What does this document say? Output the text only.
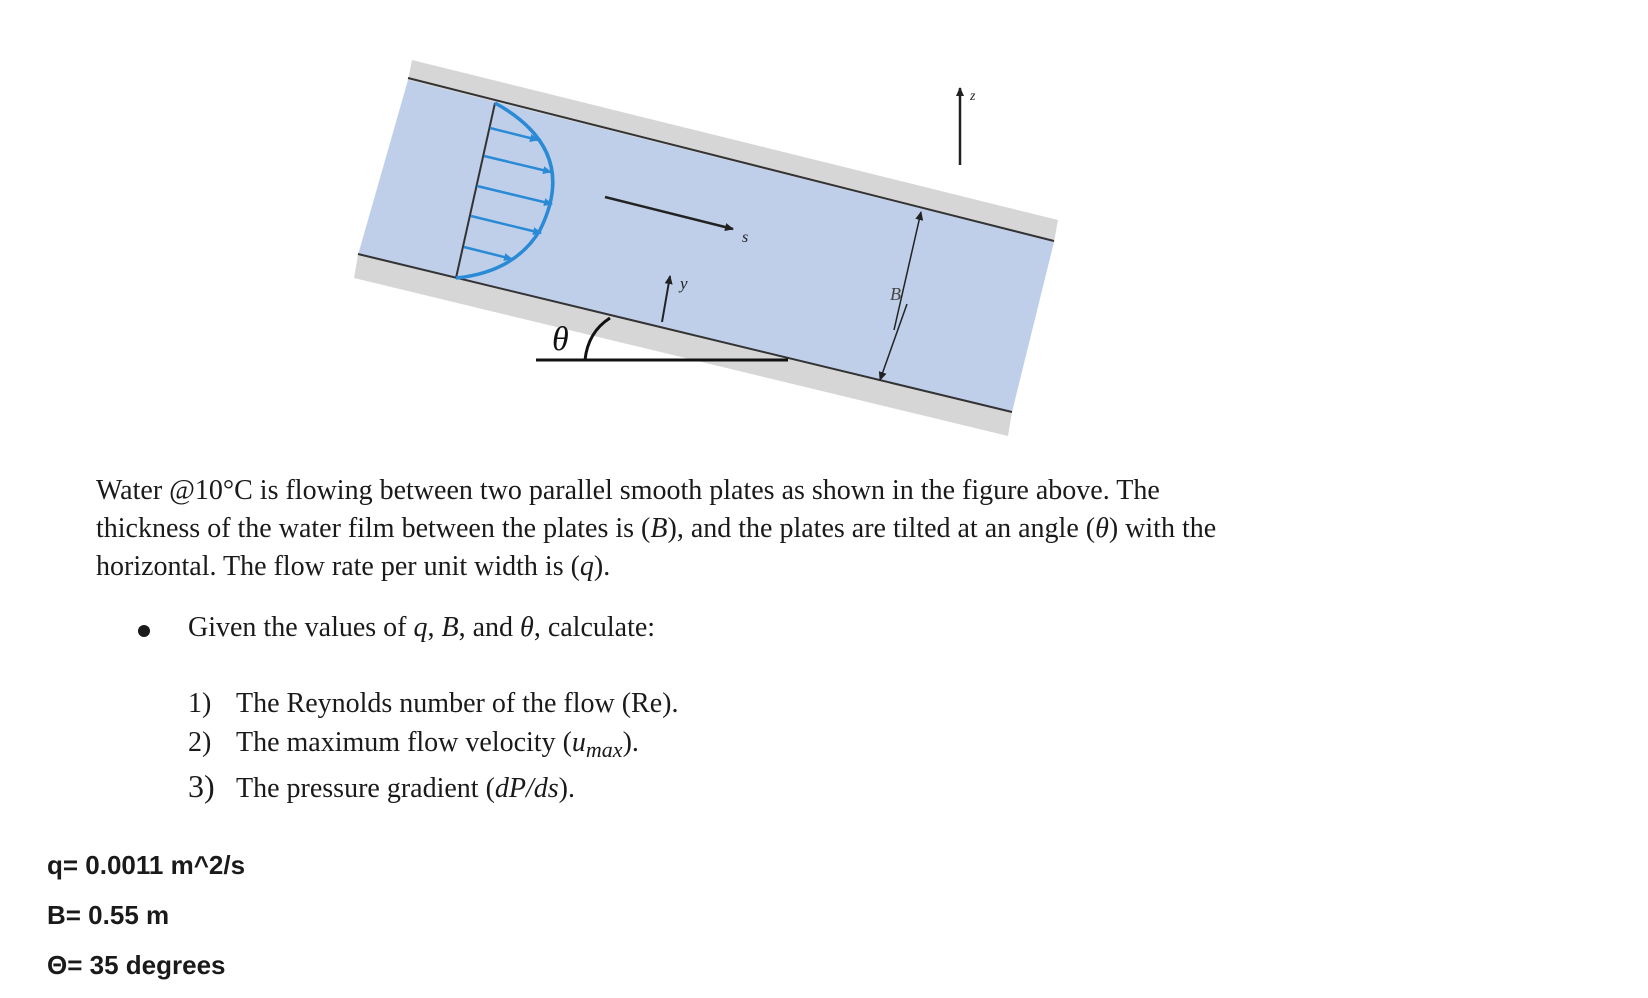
s
y
B
z
θ
Water @10°C is flowing between two parallel smooth plates as shown in the figure above. The
thickness of the water film between the plates is (B), and the plates are tilted at an angle (θ) with the
horizontal. The flow rate per unit width is (q).
Given the values of q, B, and θ, calculate:
1) The Reynolds number of the flow (Re).
2) The maximum flow velocity $(u_{max})$.
3) The pressure gradient (dP/ds).
q= 0.0011 m^2/s
B= 0.55 m
Θ= 35 degrees
